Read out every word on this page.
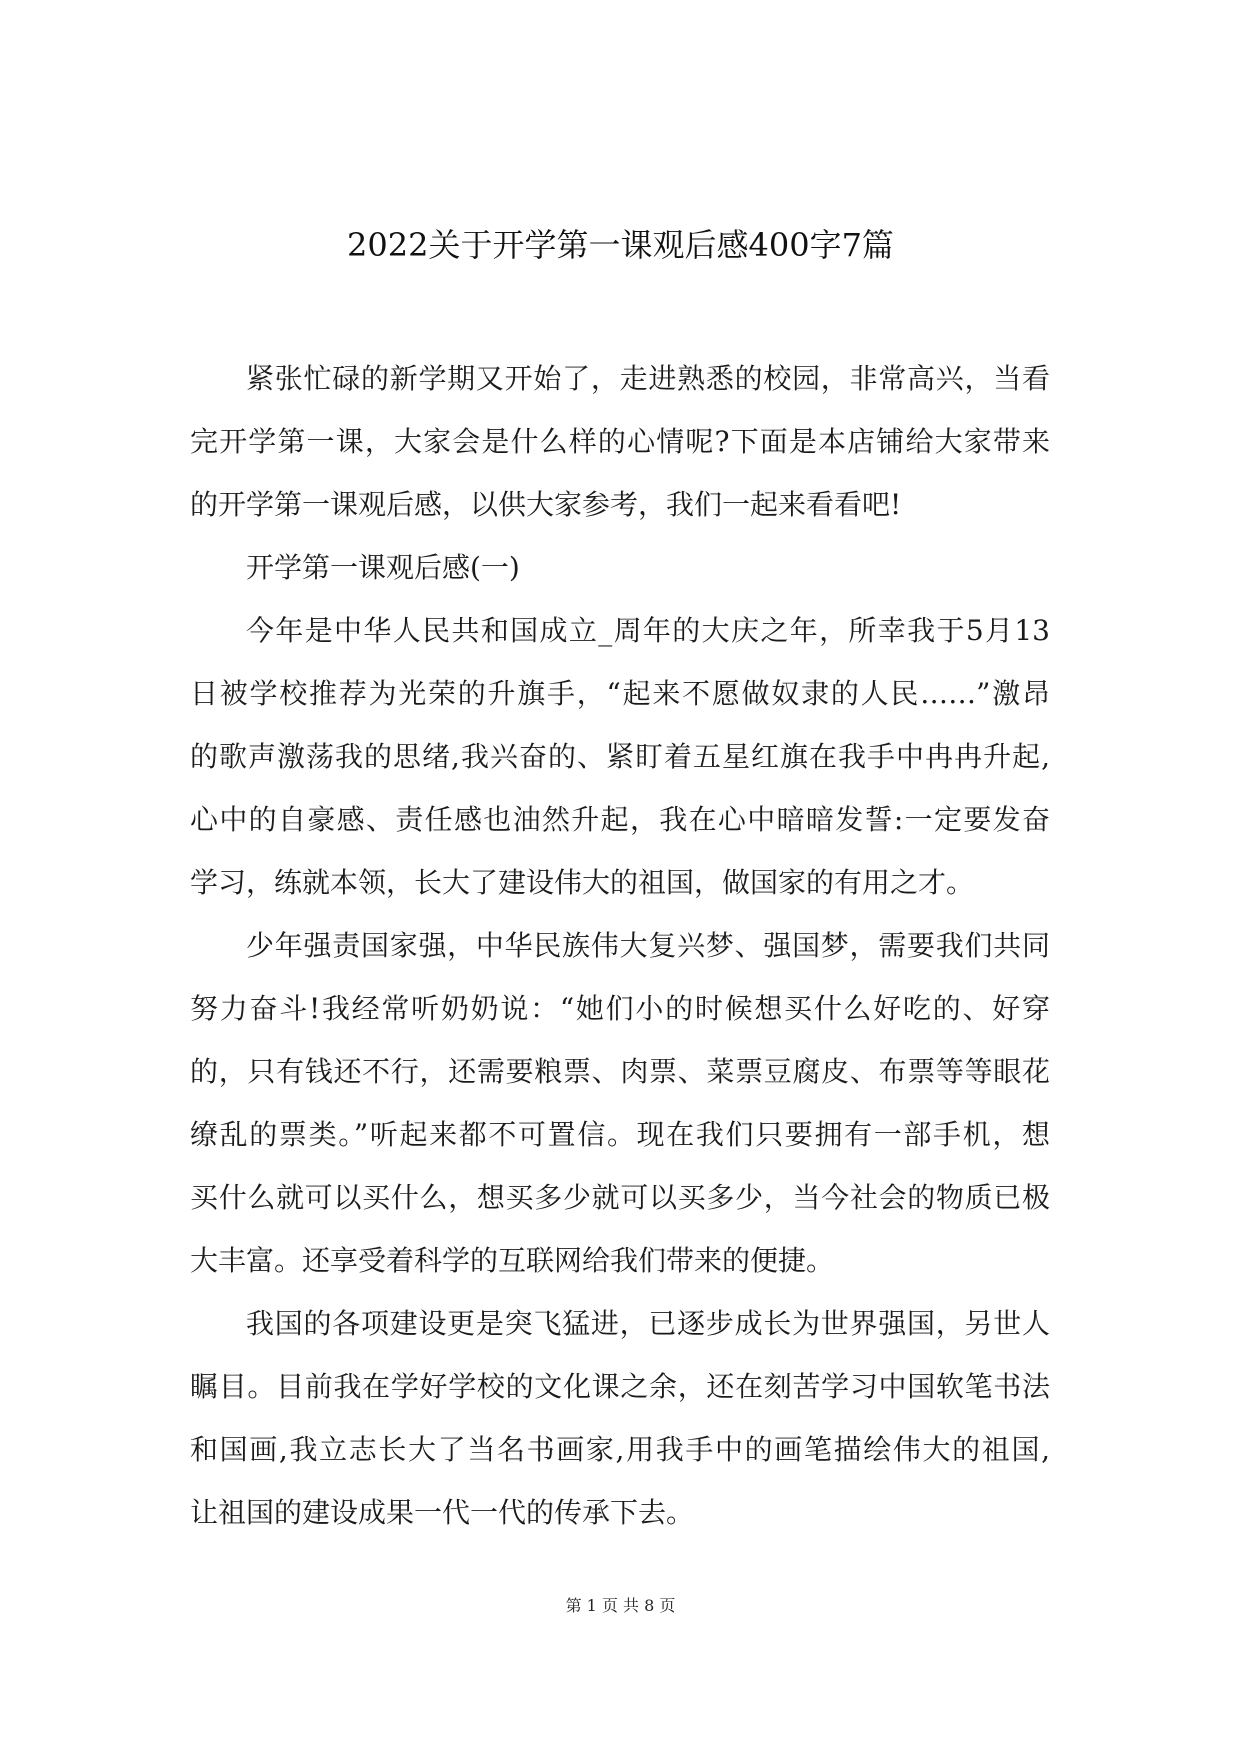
2022关于开学第一课观后感400字7篇
紧张忙碌的新学期又开始了，走进熟悉的校园，非常高兴，当看
完开学第一课，大家会是什么样的心情呢?下面是本店铺给大家带来
的开学第一课观后感，以供大家参考，我们一起来看看吧!
开学第一课观后感(一)
今年是中华人民共和国成立_周年的大庆之年，所幸我于5月13
日被学校推荐为光荣的升旗手，“起来不愿做奴隶的人民……”激昂
的歌声激荡我的思绪,我兴奋的、紧盯着五星红旗在我手中冉冉升起,
心中的自豪感、责任感也油然升起，我在心中暗暗发誓:一定要发奋
学习，练就本领，长大了建设伟大的祖国，做国家的有用之才。
少年强责国家强，中华民族伟大复兴梦、强国梦，需要我们共同
努力奋斗!我经常听奶奶说：“她们小的时候想买什么好吃的、好穿
的，只有钱还不行，还需要粮票、肉票、菜票豆腐皮、布票等等眼花
缭乱的票类。”听起来都不可置信。现在我们只要拥有一部手机，想
买什么就可以买什么，想买多少就可以买多少，当今社会的物质已极
大丰富。还享受着科学的互联网给我们带来的便捷。
我国的各项建设更是突飞猛进，已逐步成长为世界强国，另世人
瞩目。目前我在学好学校的文化课之余，还在刻苦学习中国软笔书法
和国画,我立志长大了当名书画家,用我手中的画笔描绘伟大的祖国,
让祖国的建设成果一代一代的传承下去。
第 1 页 共 8 页
